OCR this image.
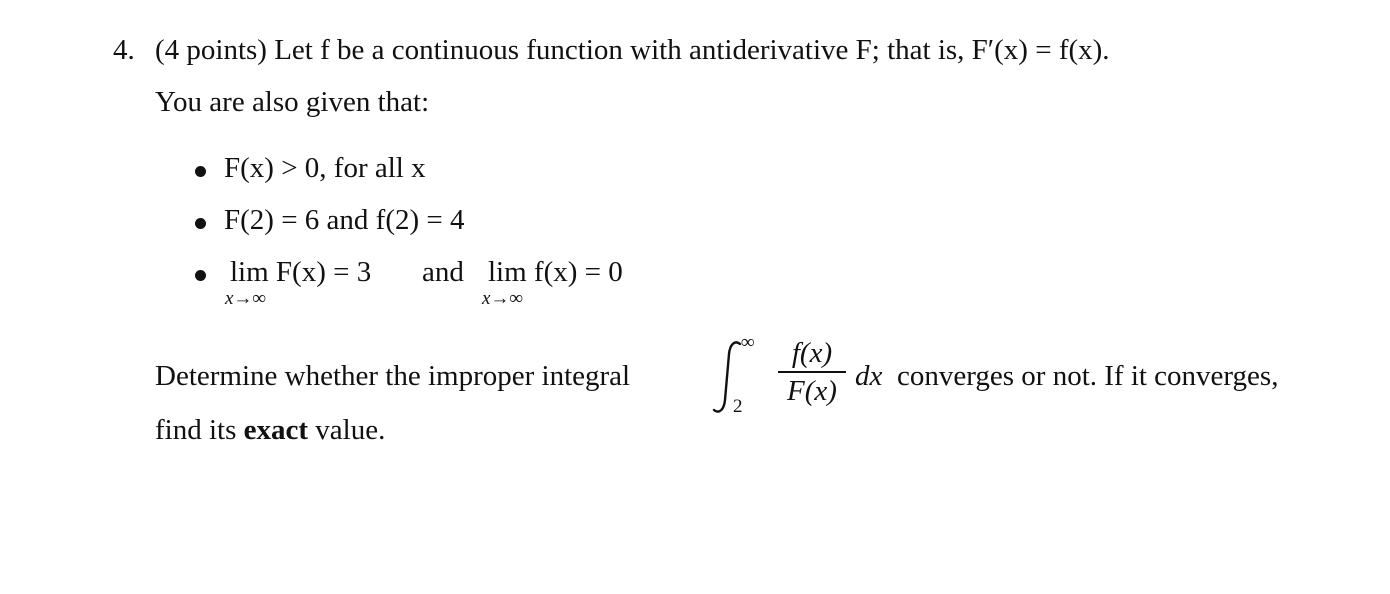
4. (4 points) Let f be a continuous function with antiderivative F; that is, F′(x) = f(x).
You are also given that:
F(x) > 0, for all x
F(2) = 6 and f(2) = 4
lim F(x) = 3
x→∞
and lim f(x) = 0
x→∞
Determine whether the improper integral
∞
2
f(x)
F(x) dx converges or not. If it converges,
find its exact value.
